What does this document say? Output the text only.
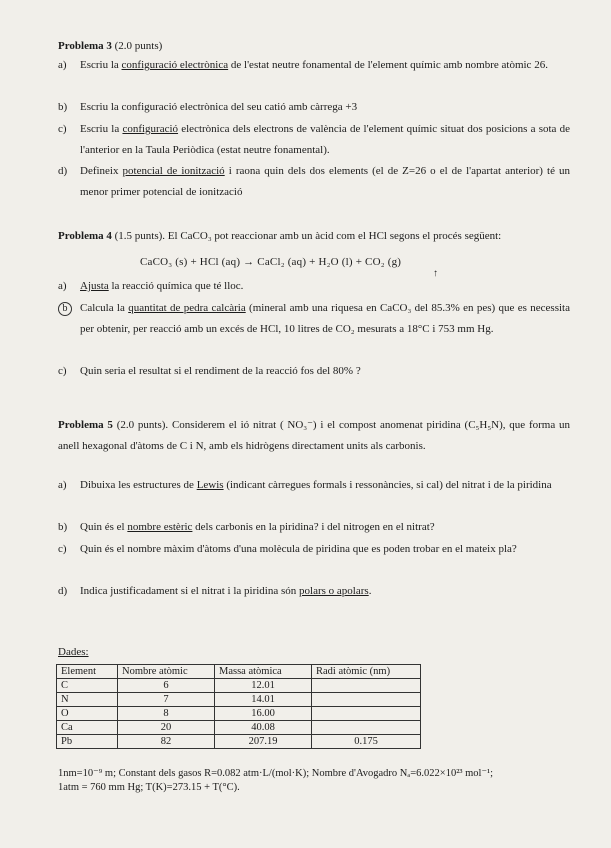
Problema 3 (2.0 punts)
a)	Escriu la configuració electrònica de l'estat neutre fonamental de l'element químic amb nombre atòmic 26.
b)	Escriu la configuració electrònica del seu catió amb càrrega +3
c)	Escriu la configuració electrònica dels electrons de valència de l'element químic situat dos posicions a sota de l'anterior en la Taula Periòdica (estat neutre fonamental).
d)	Defineix potencial de ionització i raona quin dels dos elements (el de Z=26 o el de l'apartat anterior) té un menor primer potencial de ionització
Problema 4 (1.5 punts). El CaCO₃ pot reaccionar amb un àcid com el HCl segons el procés següent:
CaCO₃ (s) + HCl (aq) → CaCl₂ (aq) + H₂O (l) + CO₂ (g)
↑
a)	Ajusta la reacció química que té lloc.
b	Calcula la quantitat de pedra calcària (mineral amb una riquesa en CaCO₃ del 85.3% en pes) que es necessita per obtenir, per reacció amb un excés de HCl, 10 litres de CO₂ mesurats a 18°C i 753 mm Hg.
c)	Quin seria el resultat si el rendiment de la reacció fos del 80% ?
Problema 5 (2.0 punts). Considerem el ió nitrat ( NO₃⁻) i el compost anomenat piridina (C₅H₅N), que forma un anell hexagonal d'àtoms de C i N, amb els hidrògens directament units als carbonis.
a)	Dibuixa les estructures de Lewis (indicant càrregues formals i ressonàncies, si cal) del nitrat i de la piridina
b)	Quin és el nombre estèric dels carbonis en la piridina? i del nitrogen en el nitrat?
c)	Quin és el nombre màxim d'àtoms d'una molècula de piridina que es poden trobar en el mateix pla?
d)	Indica justificadament si el nitrat i la piridina són polars o apolars.
Dades:
Element	Nombre atòmic	Massa atòmica	Radi atòmic (nm)
C	6	12.01	
N	7	14.01	
O	8	16.00	
Ca	20	40.08	
Pb	82	207.19	0.175
1nm=10⁻⁹ m; Constant dels gasos R=0.082 atm·L/(mol·K); Nombre d'Avogadro Nₐ=6.022×10²³ mol⁻¹;
1atm = 760 mm Hg; T(K)=273.15 + T(°C).
